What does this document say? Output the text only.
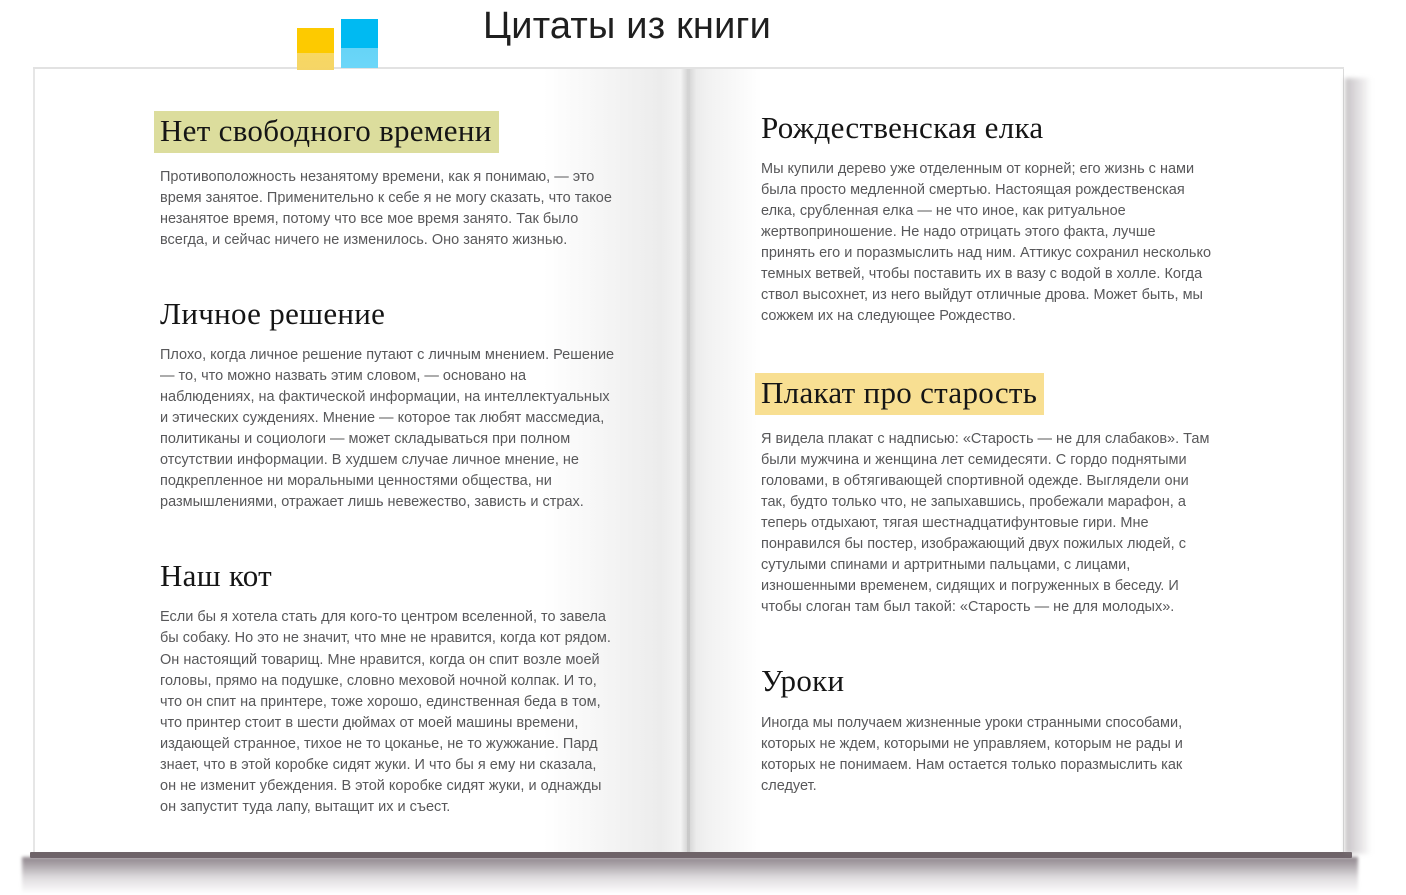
Цитаты из книги
Нет свободного времени

Противоположность незанятому времени, как я понимаю, — это время занятое. Применительно к себе я не могу сказать, что такое незанятое время, потому что все мое время занято. Так было всегда, и сейчас ничего не изменилось. Оно занято жизнью.

Личное решение

Плохо, когда личное решение путают с личным мнением. Решение — то, что можно назвать этим словом, — основано на наблюдениях, на фактической информации, на интеллектуальных и этических суждениях. Мнение — которое так любят массмедиа, политиканы и социологи — может складываться при полном отсутствии информации. В худшем случае личное мнение, не подкрепленное ни моральными ценностями общества, ни размышлениями, отражает лишь невежество, зависть и страх.

Наш кот

Если бы я хотела стать для кого-то центром вселенной, то завела бы собаку. Но это не значит, что мне не нравится, когда кот рядом. Он настоящий товарищ. Мне нравится, когда он спит возле моей головы, прямо на подушке, словно меховой ночной колпак. И то, что он спит на принтере, тоже хорошо, единственная беда в том, что принтер стоит в шести дюймах от моей машины времени, издающей странное, тихое не то цоканье, не то жужжание. Пард знает, что в этой коробке сидят жуки. И что бы я ему ни сказала, он не изменит убеждения. В этой коробке сидят жуки, и однажды он запустит туда лапу, вытащит их и съест.

Рождественская елка

Мы купили дерево уже отделенным от корней; его жизнь с нами была просто медленной смертью. Настоящая рождественская елка, срубленная елка — не что иное, как ритуальное жертвоприношение. Не надо отрицать этого факта, лучше принять его и поразмыслить над ним. Аттикус сохранил несколько темных ветвей, чтобы поставить их в вазу с водой в холле. Когда ствол высохнет, из него выйдут отличные дрова. Может быть, мы сожжем их на следующее Рождество.

Плакат про старость

Я видела плакат с надписью: «Старость — не для слабаков». Там были мужчина и женщина лет семидесяти. С гордо поднятыми головами, в обтягивающей спортивной одежде. Выглядели они так, будто только что, не запыхавшись, пробежали марафон, а теперь отдыхают, тягая шестнадцатифунтовые гири. Мне понравился бы постер, изображающий двух пожилых людей, с сутулыми спинами и артритными пальцами, с лицами, изношенными временем, сидящих и погруженных в беседу. И чтобы слоган там был такой: «Старость — не для молодых».

Уроки

Иногда мы получаем жизненные уроки странными способами, которых не ждем, которыми не управляем, которым не рады и которых не понимаем. Нам остается только поразмыслить как следует.
